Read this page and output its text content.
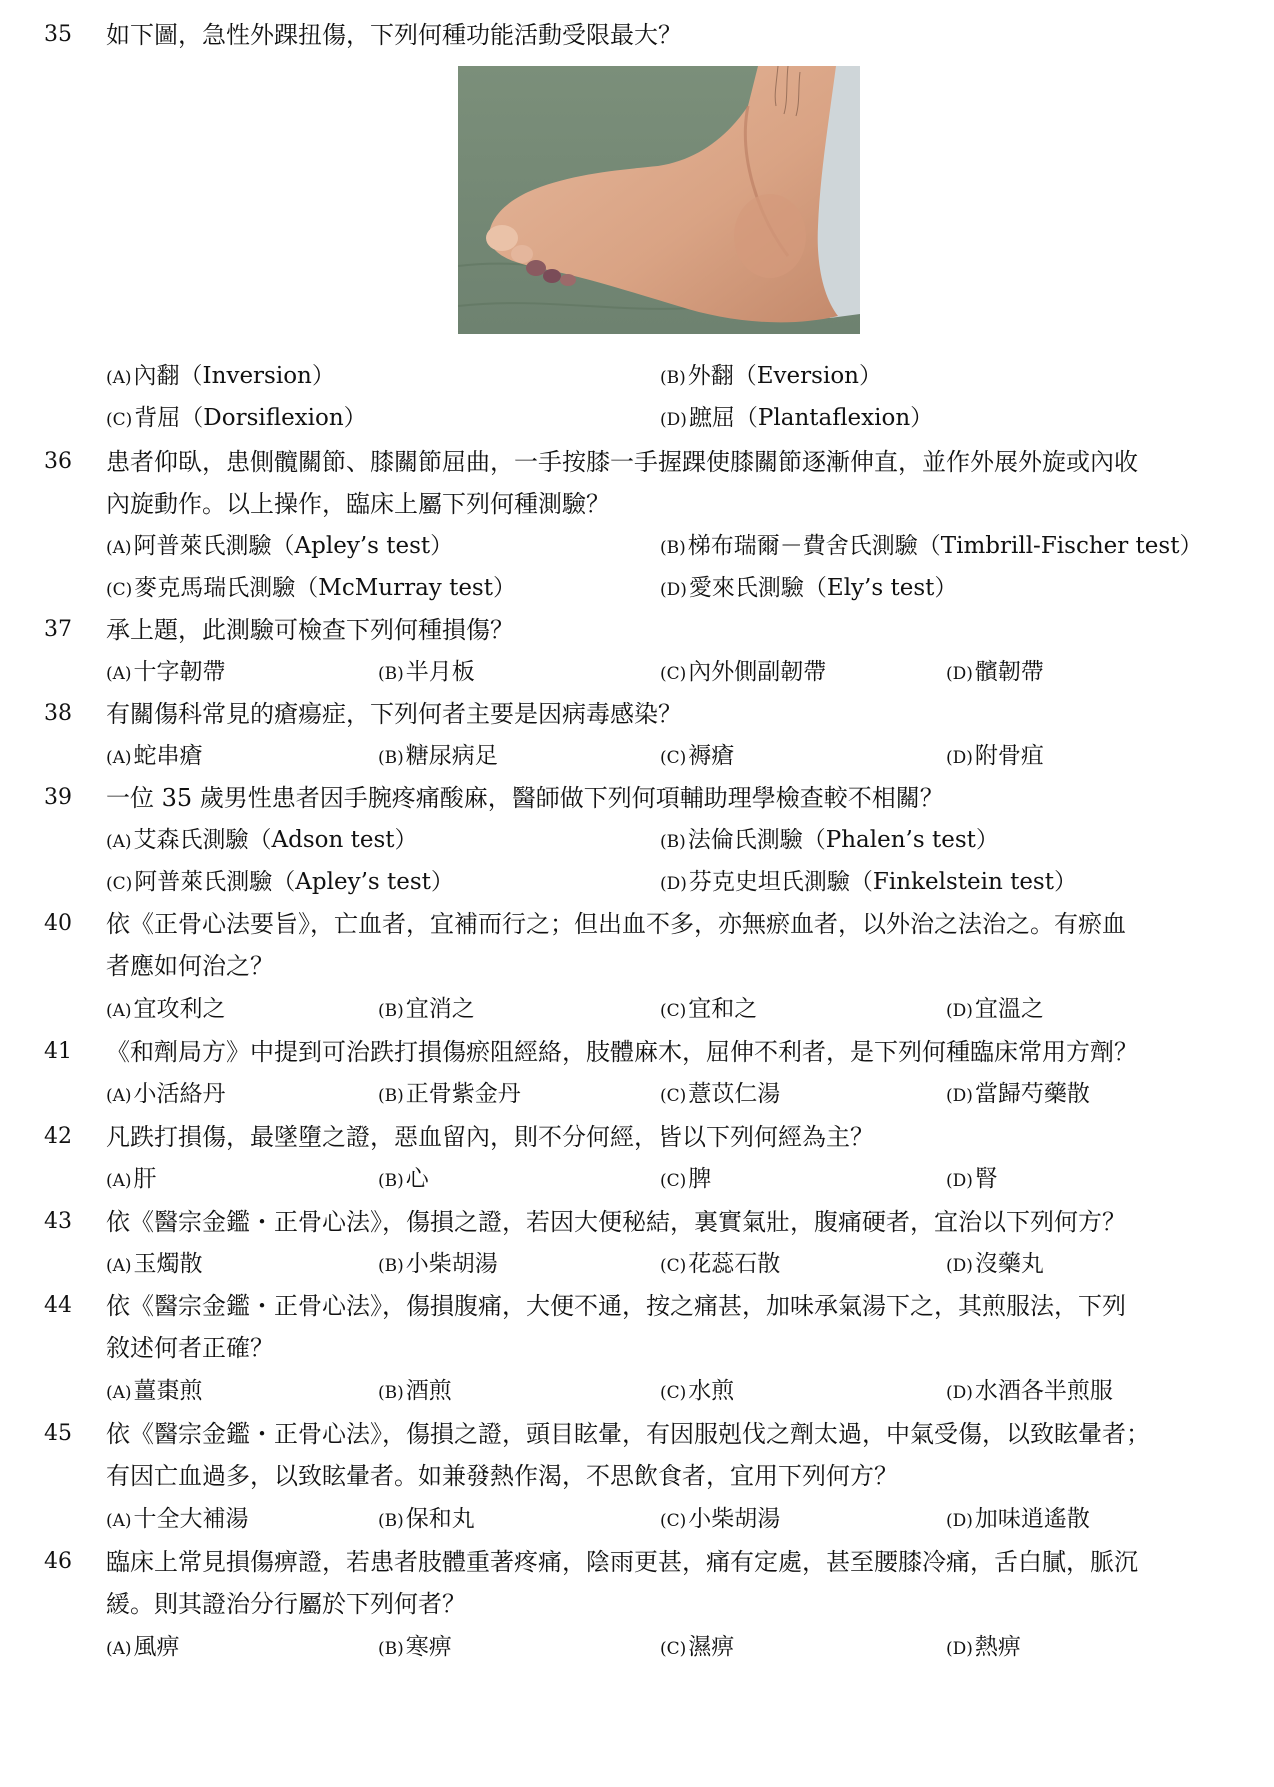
35 如下圖，急性外踝扭傷，下列何種功能活動受限最大？
(A)內翻（Inversion）	(B)外翻（Eversion）
(C)背屈（Dorsiflexion）	(D)蹠屈（Plantaflexion）
36 患者仰臥，患側髖關節、膝關節屈曲，一手按膝一手握踝使膝關節逐漸伸直，並作外展外旋或內收
內旋動作。以上操作，臨床上屬下列何種測驗？
(A)阿普萊氏測驗（Apley’s test）	(B)梯布瑞爾－費舍氏測驗（Timbrill-Fischer test）
(C)麥克馬瑞氏測驗（McMurray test）	(D)愛來氏測驗（Ely’s test）
37 承上題，此測驗可檢查下列何種損傷？
(A)十字韌帶	(B)半月板	(C)內外側副韌帶	(D)髕韌帶
38 有關傷科常見的瘡瘍症，下列何者主要是因病毒感染？
(A)蛇串瘡	(B)糖尿病足	(C)褥瘡	(D)附骨疽
39 一位 35 歲男性患者因手腕疼痛酸麻，醫師做下列何項輔助理學檢查較不相關？
(A)艾森氏測驗（Adson test）	(B)法倫氏測驗（Phalen’s test）
(C)阿普萊氏測驗（Apley’s test）	(D)芬克史坦氏測驗（Finkelstein test）
40 依《正骨心法要旨》，亡血者，宜補而行之；但出血不多，亦無瘀血者，以外治之法治之。有瘀血
者應如何治之？
(A)宜攻利之	(B)宜消之	(C)宜和之	(D)宜溫之
41 《和劑局方》中提到可治跌打損傷瘀阻經絡，肢體麻木，屈伸不利者，是下列何種臨床常用方劑？
(A)小活絡丹	(B)正骨紫金丹	(C)薏苡仁湯	(D)當歸芍藥散
42 凡跌打損傷，最墜墮之證，惡血留內，則不分何經，皆以下列何經為主？
(A)肝	(B)心	(C)脾	(D)腎
43 依《醫宗金鑑・正骨心法》，傷損之證，若因大便秘結，裏實氣壯，腹痛硬者，宜治以下列何方？
(A)玉燭散	(B)小柴胡湯	(C)花蕊石散	(D)沒藥丸
44 依《醫宗金鑑・正骨心法》，傷損腹痛，大便不通，按之痛甚，加味承氣湯下之，其煎服法，下列
敘述何者正確？
(A)薑棗煎	(B)酒煎	(C)水煎	(D)水酒各半煎服
45 依《醫宗金鑑・正骨心法》，傷損之證，頭目眩暈，有因服剋伐之劑太過，中氣受傷，以致眩暈者；
有因亡血過多，以致眩暈者。如兼發熱作渴，不思飲食者，宜用下列何方？
(A)十全大補湯	(B)保和丸	(C)小柴胡湯	(D)加味逍遙散
46 臨床上常見損傷痹證，若患者肢體重著疼痛，陰雨更甚，痛有定處，甚至腰膝冷痛，舌白膩，脈沉
緩。則其證治分行屬於下列何者？
(A)風痹	(B)寒痹	(C)濕痹	(D)熱痹
